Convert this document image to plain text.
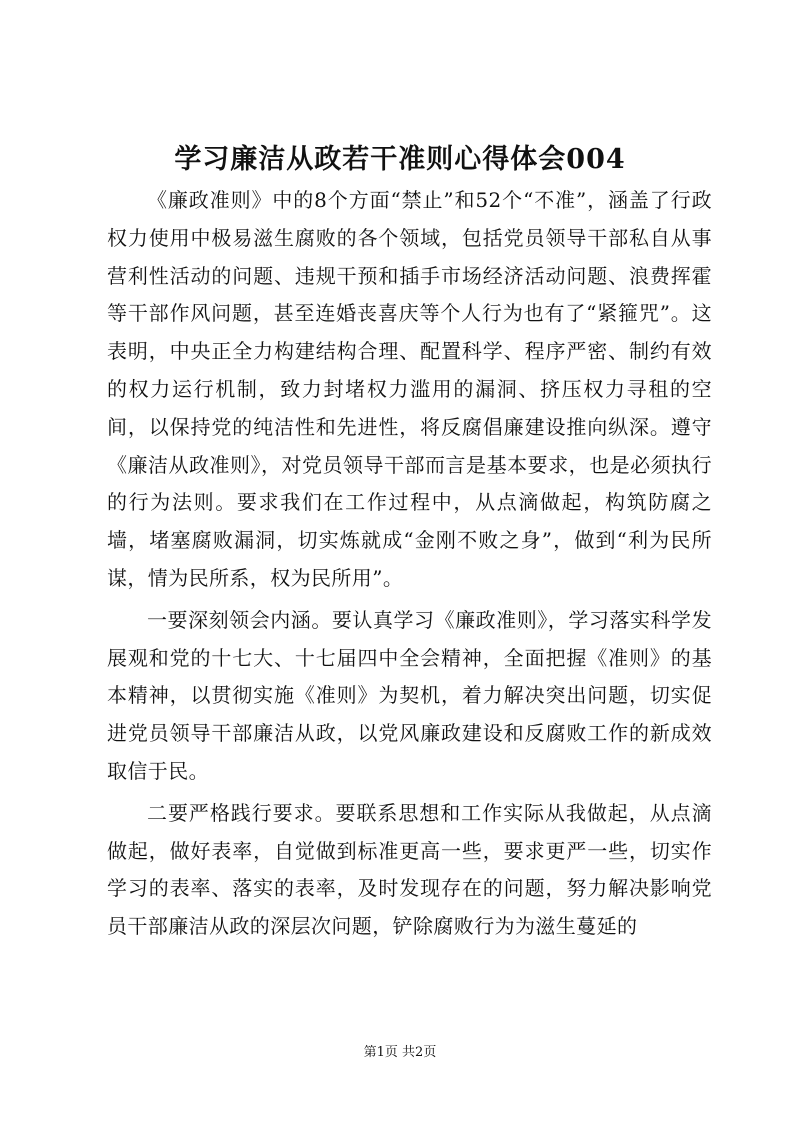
学习廉洁从政若干准则心得体会004

《廉政准则》中的8个方面“禁止”和52个“不准”，涵盖了行政权力使用中极易滋生腐败的各个领域，包括党员领导干部私自从事营利性活动的问题、违规干预和插手市场经济活动问题、浪费挥霍等干部作风问题，甚至连婚丧喜庆等个人行为也有了“紧箍咒”。这表明，中央正全力构建结构合理、配置科学、程序严密、制约有效的权力运行机制，致力封堵权力滥用的漏洞、挤压权力寻租的空间，以保持党的纯洁性和先进性，将反腐倡廉建设推向纵深。遵守《廉洁从政准则》，对党员领导干部而言是基本要求，也是必须执行的行为法则。要求我们在工作过程中，从点滴做起，构筑防腐之墙，堵塞腐败漏洞，切实炼就成“金刚不败之身”，做到“利为民所谋，情为民所系，权为民所用”。

一要深刻领会内涵。要认真学习《廉政准则》，学习落实科学发展观和党的十七大、十七届四中全会精神，全面把握《准则》的基本精神，以贯彻实施《准则》为契机，着力解决突出问题，切实促进党员领导干部廉洁从政，以党风廉政建设和反腐败工作的新成效取信于民。

二要严格践行要求。要联系思想和工作实际从我做起，从点滴做起，做好表率，自觉做到标准更高一些，要求更严一些，切实作学习的表率、落实的表率，及时发现存在的问题，努力解决影响党员干部廉洁从政的深层次问题，铲除腐败行为为滋生蔓延的

第1页 共2页
